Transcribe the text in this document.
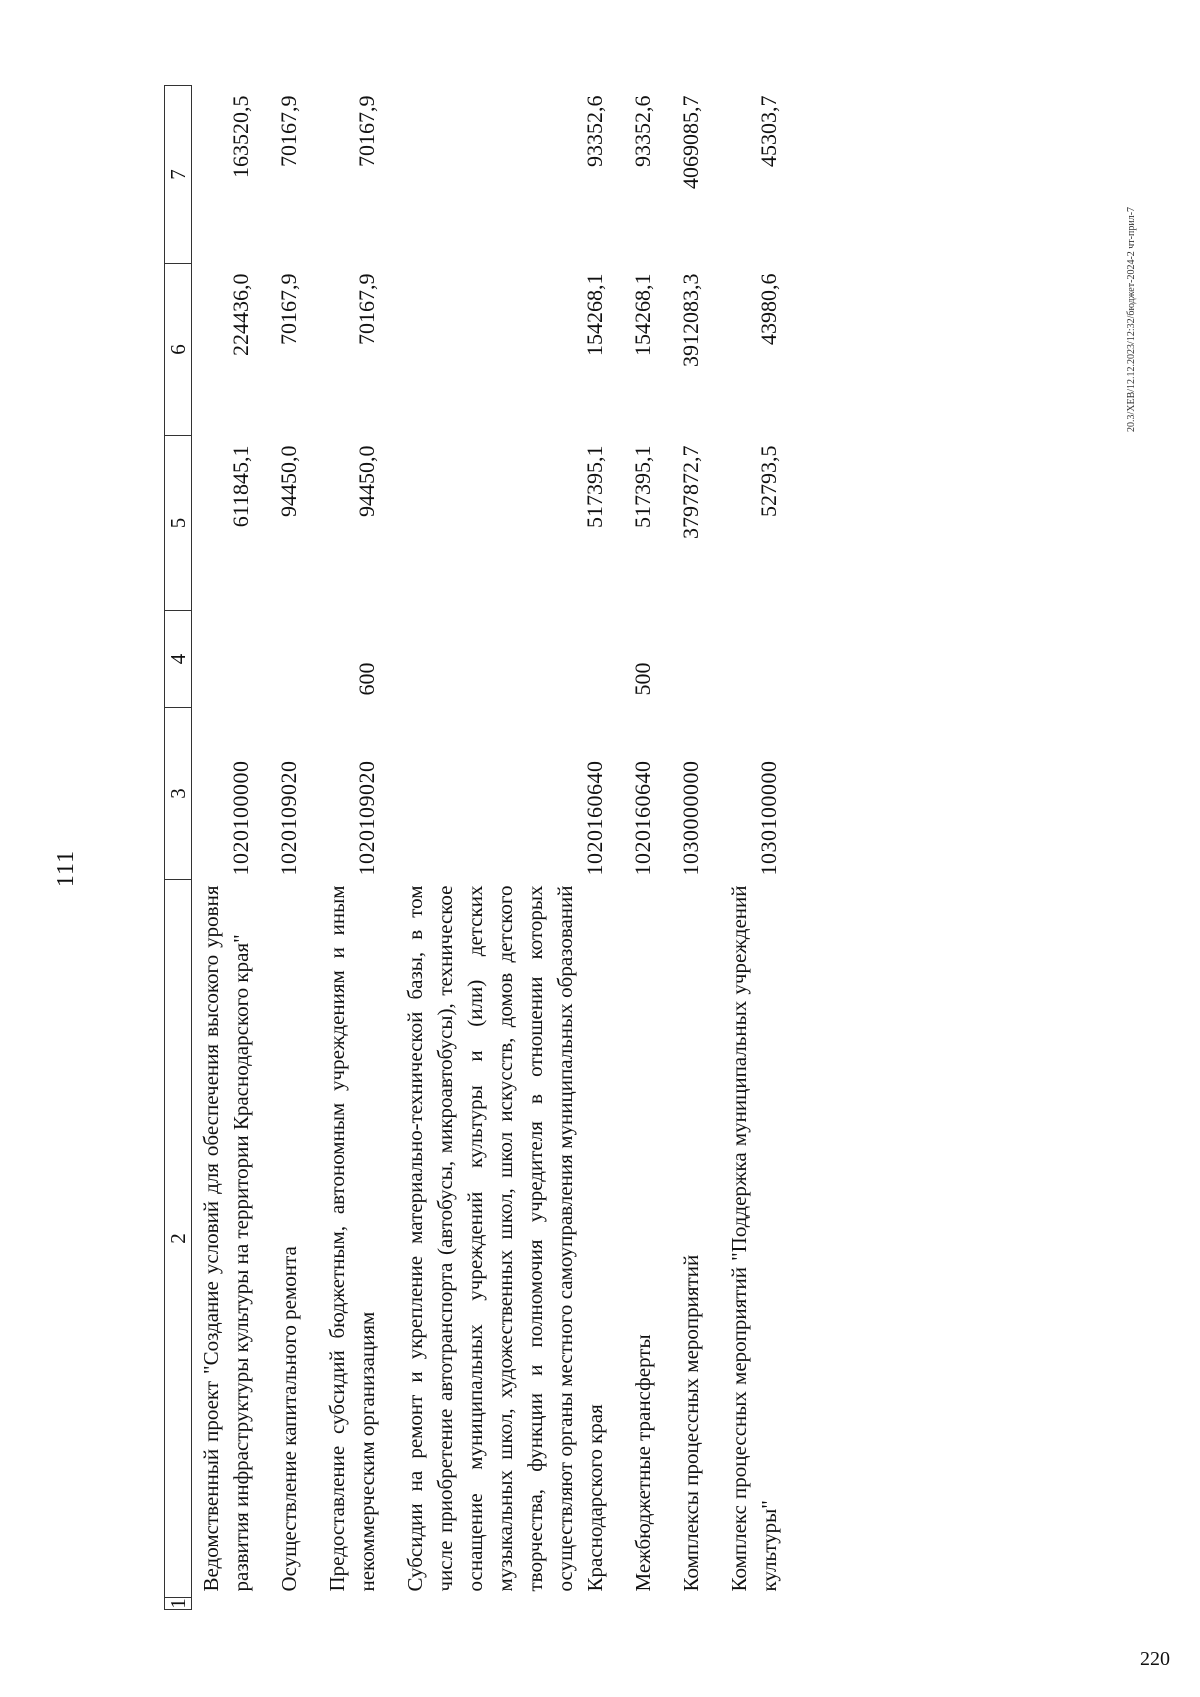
111
1	2	3	4	5	6	7
	Ведомственный проект "Создание условий для обеспечения высокого уровня развития инфраструктуры культуры на территории Краснодарского края"	1020100000		611845,1	224436,0	163520,5
	Осуществление капитального ремонта	1020109020		94450,0	70167,9	70167,9
	Предоставление субсидий бюджетным, автономным учреждениям и иным некоммерческим организациям	1020109020	600	94450,0	70167,9	70167,9
	Субсидии на ремонт и укрепление материально-технической базы, в том числе приобретение автотранспорта (автобусы, микроавтобусы), техническое оснащение муниципальных учреждений культуры и (или) детских музыкальных школ, художественных школ, школ искусств, домов детского творчества, функции и полномочия учредителя в отношении которых осуществляют органы местного самоуправления муниципальных образований Краснодарского края	1020160640		517395,1	154268,1	93352,6
	Межбюджетные трансферты	1020160640	500	517395,1	154268,1	93352,6
	Комплексы процессных мероприятий	1030000000		3797872,7	3912083,3	4069085,7
	Комплекс процессных мероприятий "Поддержка муниципальных учреждений культуры"	1030100000		52793,5	43980,6	45303,7
20.3/ХЕВ/12.12.2023/12:32/бюджет-2024-2 чт-прил-7
220
